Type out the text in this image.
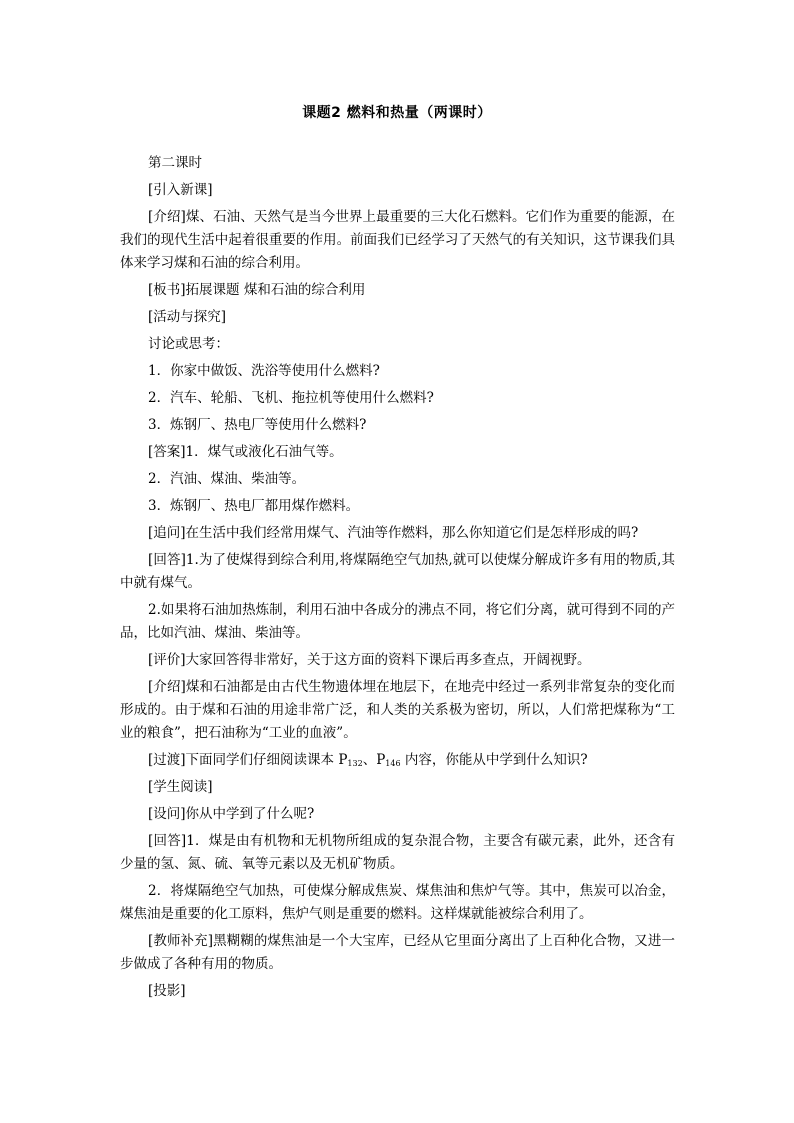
课题2 燃料和热量（两课时）

第二课时

[引入新课]

[介绍]煤、石油、天然气是当今世界上最重要的三大化石燃料。它们作为重要的能源，在我们的现代生活中起着很重要的作用。前面我们已经学习了天然气的有关知识，这节课我们具体来学习煤和石油的综合利用。

[板书]拓展课题 煤和石油的综合利用

[活动与探究]

讨论或思考：

1．你家中做饭、洗浴等使用什么燃料?

2．汽车、轮船、飞机、拖拉机等使用什么燃料?

3．炼钢厂、热电厂等使用什么燃料?

[答案]1．煤气或液化石油气等。

2．汽油、煤油、柴油等。

3．炼钢厂、热电厂都用煤作燃料。

[追问]在生活中我们经常用煤气、汽油等作燃料，那么你知道它们是怎样形成的吗?

[回答]1.为了使煤得到综合利用,将煤隔绝空气加热,就可以使煤分解成许多有用的物质,其中就有煤气。

2.如果将石油加热炼制，利用石油中各成分的沸点不同，将它们分离，就可得到不同的产品，比如汽油、煤油、柴油等。

[评价]大家回答得非常好，关于这方面的资料下课后再多查点，开阔视野。

[介绍]煤和石油都是由古代生物遗体埋在地层下，在地壳中经过一系列非常复杂的变化而形成的。由于煤和石油的用途非常广泛，和人类的关系极为密切，所以，人们常把煤称为“工业的粮食”，把石油称为“工业的血液”。

[过渡]下面同学们仔细阅读课本 $P_{132}$、$P_{146}$ 内容，你能从中学到什么知识?

[学生阅读]

[设问]你从中学到了什么呢?

[回答]1．煤是由有机物和无机物所组成的复杂混合物，主要含有碳元素，此外，还含有少量的氢、氮、硫、氧等元素以及无机矿物质。

2．将煤隔绝空气加热，可使煤分解成焦炭、煤焦油和焦炉气等。其中，焦炭可以冶金，煤焦油是重要的化工原料，焦炉气则是重要的燃料。这样煤就能被综合利用了。

[教师补充]黑糊糊的煤焦油是一个大宝库，已经从它里面分离出了上百种化合物，又进一步做成了各种有用的物质。

[投影]
